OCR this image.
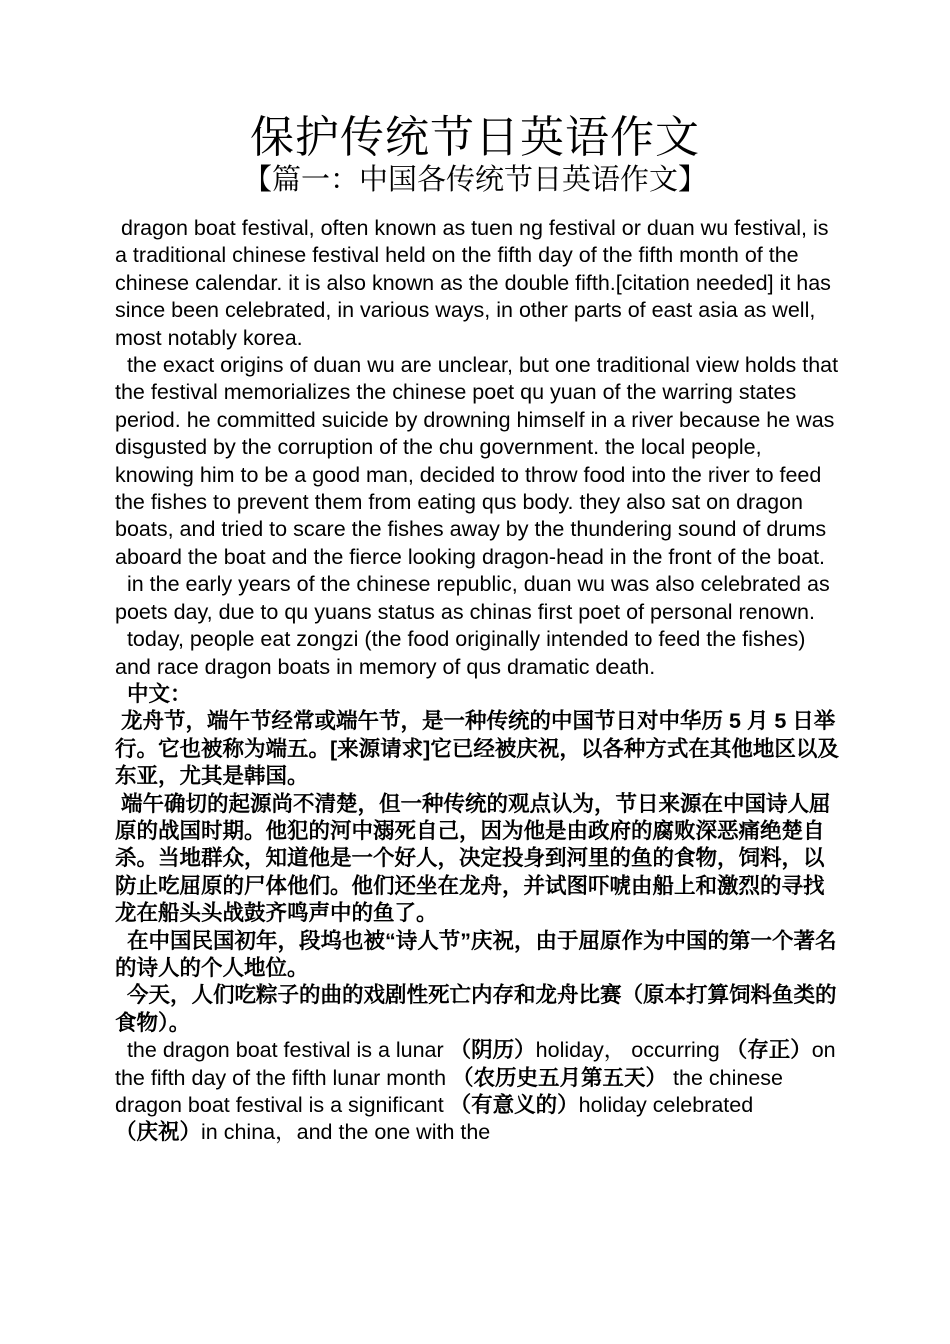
保护传统节日英语作文
【篇一：中国各传统节日英语作文】

dragon boat festival, often known as tuen ng festival or duan wu festival, is a traditional chinese festival held on the fifth day of the fifth month of the chinese calendar. it is also known as the double fifth.[citation needed] it has since been celebrated, in various ways, in other parts of east asia as well, most notably korea.

the exact origins of duan wu are unclear, but one traditional view holds that the festival memorializes the chinese poet qu yuan of the warring states period. he committed suicide by drowning himself in a river because he was disgusted by the corruption of the chu government. the local people, knowing him to be a good man, decided to throw food into the river to feed the fishes to prevent them from eating qus body. they also sat on dragon boats, and tried to scare the fishes away by the thundering sound of drums aboard the boat and the fierce looking dragon-head in the front of the boat.

in the early years of the chinese republic, duan wu was also celebrated as poets day, due to qu yuans status as chinas first poet of personal renown.

today, people eat zongzi (the food originally intended to feed the fishes) and race dragon boats in memory of qus dramatic death.

中文：

龙舟节，端午节经常或端午节，是一种传统的中国节日对中华历 5 月 5 日举行。它也被称为端五。[来源请求]它已经被庆祝，以各种方式在其他地区以及东亚，尤其是韩国。

端午确切的起源尚不清楚，但一种传统的观点认为，节日来源在中国诗人屈原的战国时期。他犯的河中溺死自己，因为他是由政府的腐败深恶痛绝楚自杀。当地群众，知道他是一个好人，决定投身到河里的鱼的食物，饲料，以防止吃屈原的尸体他们。他们还坐在龙舟，并试图吓唬由船上和激烈的寻找龙在船头头战鼓齐鸣声中的鱼了。

在中国民国初年，段坞也被“诗人节”庆祝，由于屈原作为中国的第一个著名的诗人的个人地位。

今天，人们吃粽子的曲的戏剧性死亡内存和龙舟比赛（原本打算饲料鱼类的食物）。

the dragon boat festival is a lunar （阴历）holiday， occurring （存正）on the fifth day of the fifth lunar month （农历史五月第五天） the chinese dragon boat festival is a significant （有意义的）holiday celebrated （庆祝）in china，and the one with the
